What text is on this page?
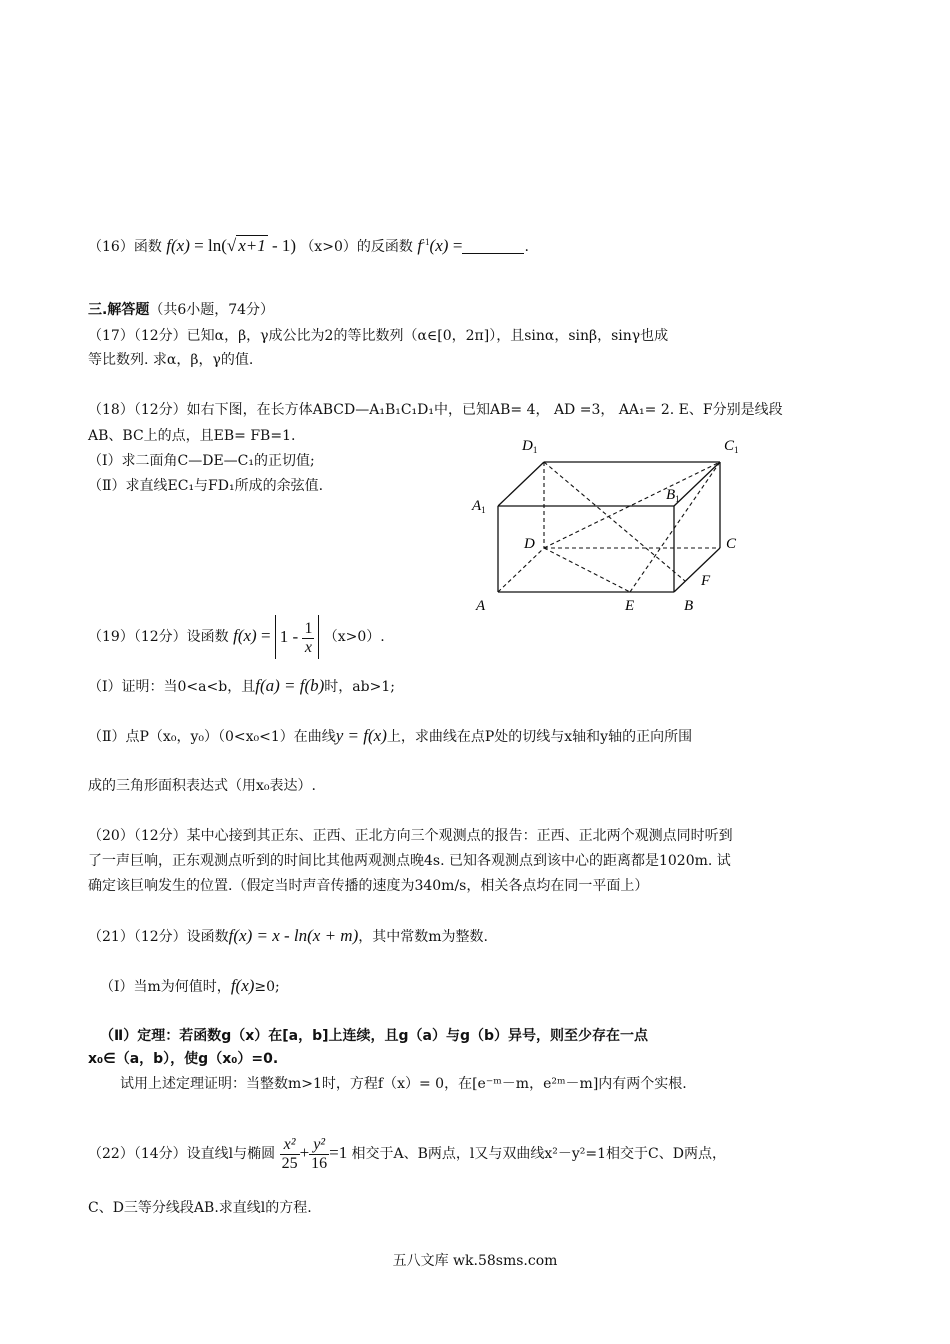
（16）函数 f(x) = ln(√ x+1 - 1) （x>0）的反函数 $f^{-1}(x)$ =	.
三.解答题（共6小题，74分）
（17）（12分）已知α，β，γ成公比为2的等比数列（α∈[0，2π]），且sinα，sinβ，sinγ也成
等比数列. 求α，β，γ的值.
（18）（12分）如右下图，在长方体ABCD—A₁B₁C₁D₁中，已知AB= 4， AD =3， AA₁= 2. E、F分别是线段
AB、BC上的点，且EB= FB=1.
（Ⅰ）求二面角C—DE—C₁的正切值;
（Ⅱ）求直线EC₁与FD₁所成的余弦值.
$D_1$	$C_1$
$B_1$
$A_1$
D	C
F
A	E	B
（19）（12分）设函数 $f(x) = 1 - \frac{1}{x} (x>0)$.
（Ⅰ）证明：当0<a<b，且f(a) = f(b)时，ab>1;
（Ⅱ）点P（x₀，y₀）（0<x₀<1）在曲线y = f(x)上，求曲线在点P处的切线与x轴和y轴的正向所围
成的三角形面积表达式（用x₀表达）.
（20）（12分）某中心接到其正东、正西、正北方向三个观测点的报告：正西、正北两个观测点同时听到
了一声巨响，正东观测点听到的时间比其他两观测点晚4s. 已知各观测点到该中心的距离都是1020m. 试
确定该巨响发生的位置.（假定当时声音传播的速度为340m/s，相关各点均在同一平面上）
（21）（12分）设函数f(x) = x - ln(x + m)，其中常数m为整数.
（Ⅰ）当m为何值时，f(x)≥0;
（Ⅱ）定理：若函数g（x）在[a，b]上连续，且g（a）与g（b）异号，则至少存在一点
x₀∈（a，b），使g（x₀）=0.
试用上述定理证明：当整数m>1时，方程f（x）= 0，在[e⁻ᵐ－m，e²ᵐ－m]内有两个实根.
（22）（14分）设直线l与椭圆 $\frac{\text{x²}}{25} + \frac{\text{y²}}{16} =1$ 相交于A、B两点，l又与双曲线x²－y²=1相交于C、D两点，
C、D三等分线段AB.求直线l的方程.
五八文库 wk.58sms.com
